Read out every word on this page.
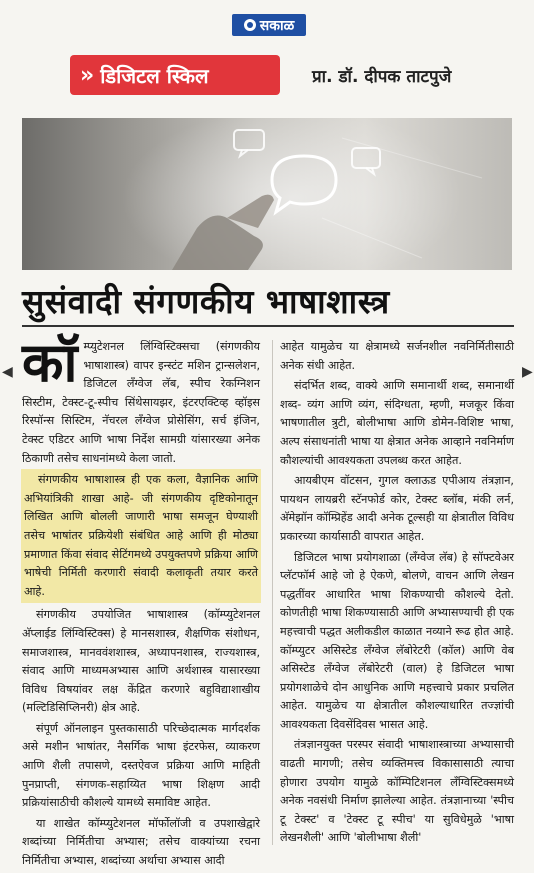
सकाळ
» डिजिटल स्किल	प्रा. डॉ. दीपक ताटपुजे
सुसंवादी संगणकीय भाषाशास्त्र
◀	▶

कॉम्प्युटेशनल लिंग्विस्टिक्सचा (संगणकीय भाषाशास्त्र) वापर इन्स्टंट मशिन ट्रान्सलेशन, डिजिटल लॅंग्वेज लॅब, स्पीच रेकग्निशन सिस्टीम, टेक्स्ट-टू-स्पीच सिंथेसायझर, इंटरएक्टिव्ह व्हॉइस रिस्पॉन्स सिस्टिम, नॅचरल लॅंग्वेज प्रोसेसिंग, सर्च इंजिन, टेक्स्ट एडिटर आणि भाषा निर्देश सामग्री यांसारख्या अनेक ठिकाणी तसेच साधनांमध्ये केला जातो.

संगणकीय भाषाशास्त्र ही एक कला, वैज्ञानिक आणि अभियांत्रिकी शाखा आहे- जी संगणकीय दृष्टिकोनातून लिखित आणि बोलली जाणारी भाषा समजून घेण्याशी तसेच भाषांतर प्रक्रियेशी संबंधित आहे आणि ही मोठ्या प्रमाणात किंवा संवाद सेटिंगमध्ये उपयुक्तपणे प्रक्रिया आणि भाषेची निर्मिती करणारी संवादी कलाकृती तयार करते आहे.

संगणकीय उपयोजित भाषाशास्त्र (कॉम्प्युटेशनल अ‍ॅप्लाईड लिंग्विस्टिक्स) हे मानसशास्त्र, शैक्षणिक संशोधन, समाजशास्त्र, मानववंशशास्त्र, अध्यापनशास्त्र, राज्यशास्त्र, संवाद आणि माध्यमअभ्यास आणि अर्थशास्त्र यासारख्या विविध विषयांवर लक्ष केंद्रित करणारे बहुविद्याशाखीय (मल्टिडिसिप्लिनरी) क्षेत्र आहे.

संपूर्ण ऑनलाइन पुस्तकासाठी परिच्छेदात्मक मार्गदर्शक असे मशीन भाषांतर, नैसर्गिक भाषा इंटरफेस, व्याकरण आणि शैली तपासणे, दस्तऐवज प्रक्रिया आणि माहिती पुनप्राप्ती, संगणक-सहाय्यित भाषा शिक्षण आदी प्रक्रियांसाठीची कौशल्ये यामध्ये समाविष्ट आहेत.

या शाखेत कॉम्प्युटेशनल मॉर्फोलॉजी व उपशाखेद्वारे शब्दांच्या निर्मितीचा अभ्यास; तसेच वाक्यांच्या रचना निर्मितीचा अभ्यास, शब्दांच्या अर्थाचा अभ्यास आदी

आहेत यामुळेच या क्षेत्रामध्ये सर्जनशील नवनिर्मितीसाठी अनेक संधी आहेत.

संदर्भित शब्द, वाक्ये आणि समानार्थी शब्द, समानार्थी शब्द- व्यंग आणि व्यंग, संदिग्धता, म्हणी, मजकूर किंवा भाषणातील त्रुटी, बोलीभाषा आणि डोमेन-विशिष्ट भाषा, अल्प संसाधनांती भाषा या क्षेत्रात अनेक आव्हाने नवनिर्माण कौशल्यांची आवश्यकता उपलब्ध करत आहेत.

आयबीएम वॉटसन, गुगल क्लाऊड एपीआय तंत्रज्ञान, पायथन लायब्ररी स्टॅनफोर्ड कोर, टेक्स्ट ब्लॉब, मंकी लर्न, अ‍ॅमेझॉन कॉम्प्रिहेंड आदी अनेक टूल्सही या क्षेत्रातील विविध प्रकारच्या कार्यासाठी वापरात आहेत.

डिजिटल भाषा प्रयोगशाळा (लॅंग्वेज लॅब) हे सॉफ्टवेअर प्लॅटफॉर्म आहे जो हे ऐकणे, बोलणे, वाचन आणि लेखन पद्धतींवर आधारित भाषा शिकण्याची कौशल्ये देतो. कोणतीही भाषा शिकण्यासाठी आणि अभ्यासण्याची ही एक महत्त्वाची पद्धत अलीकडील काळात नव्याने रूढ होत आहे. कॉम्प्युटर असिस्टेड लॅंग्वेज लॅबोरेटरी (कॉल) आणि वेब असिस्टेड लॅंग्वेज लॅबोरेटरी (वाल) हे डिजिटल भाषा प्रयोगशाळेचे दोन आधुनिक आणि महत्त्वाचे प्रकार प्रचलित आहेत. यामुळेच या क्षेत्रातील कौशल्याधारित तज्ज्ञांची आवश्यकता दिवसेंदिवस भासत आहे.

तंत्रज्ञानयुक्त परस्पर संवादी भाषाशास्त्राच्या अभ्यासाची वाढती मागणी; तसेच व्यक्तिमत्त्व विकासासाठी त्याचा होणारा उपयोग यामुळे कॉम्पिटिशनल लॅंग्विस्टिक्समध्ये अनेक नवसंधी निर्माण झालेल्या आहेत. तंत्रज्ञानाच्या 'स्पीच टू टेक्स्ट' व 'टेक्स्ट टू स्पीच' या सुविधेमुळे 'भाषा लेखनशैली' आणि 'बोलीभाषा शैली'
